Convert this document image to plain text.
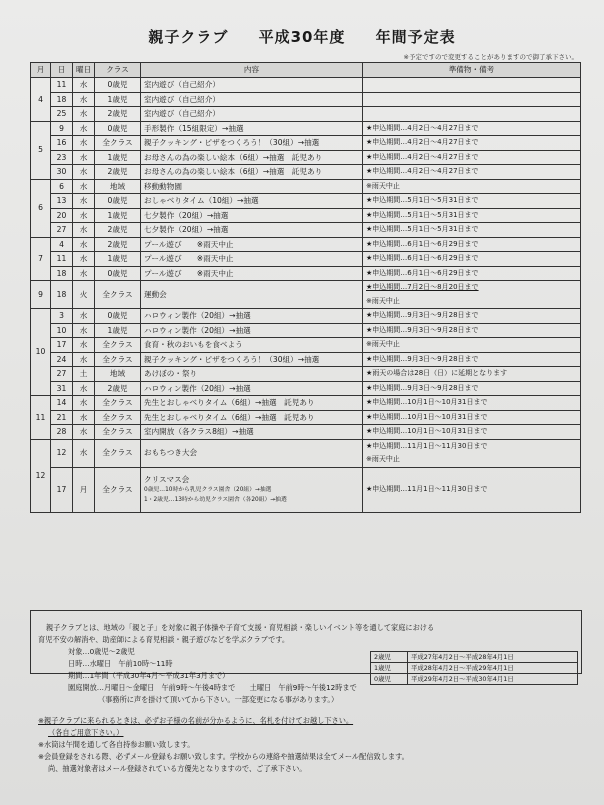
親子クラブ 平成30年度 年間予定表
※予定ですので変更することがありますので御了承下さい。
月	日	曜日	クラス	内容	準備物・備考
4	11	水	0歳児	室内遊び（自己紹介）	
	18	水	1歳児	室内遊び（自己紹介）	
	25	水	2歳児	室内遊び（自己紹介）	
5	9	水	0歳児	手形製作（15組限定）→抽選	★申込期間…4月2日～4月27日まで
	16	水	全クラス	親子クッキング・ピザをつくろう！（30組）→抽選	★申込期間…4月2日～4月27日まで
	23	水	1歳児	お母さんの為の楽しい絵本（6組）→抽選　託児あり	★申込期間…4月2日～4月27日まで
	30	水	2歳児	お母さんの為の楽しい絵本（6組）→抽選　託児あり	★申込期間…4月2日～4月27日まで
6	6	水	地域	移動動物園	※雨天中止
	13	水	0歳児	おしゃべりタイム（10組）→抽選	★申込期間…5月1日～5月31日まで
	20	水	1歳児	七夕製作（20組）→抽選	★申込期間…5月1日～5月31日まで
	27	水	2歳児	七夕製作（20組）→抽選	★申込期間…5月1日～5月31日まで
7	4	水	2歳児	プール遊び　　※雨天中止	★申込期間…6月1日～6月29日まで
	11	水	1歳児	プール遊び　　※雨天中止	★申込期間…6月1日～6月29日まで
	18	水	0歳児	プール遊び　　※雨天中止	★申込期間…6月1日～6月29日まで
9	18	火	全クラス	運動会	★申込期間…7月2日～8月20日まで
※雨天中止

10	3	水	0歳児	ハロウィン製作（20組）→抽選	★申込期間…9月3日～9月28日まで
	10	水	1歳児	ハロウィン製作（20組）→抽選	★申込期間…9月3日～9月28日まで
	17	水	全クラス	食育・秋のおいもを食べよう	※雨天中止
	24	水	全クラス	親子クッキング・ピザをつくろう！（30組）→抽選	★申込期間…9月3日～9月28日まで
	27	土	地域	あけぼの・祭り	★雨天の場合は28日（日）に延期となります
	31	水	2歳児	ハロウィン製作（20組）→抽選	★申込期間…9月3日～9月28日まで
11	14	水	全クラス	先生とおしゃべりタイム（6組）→抽選　託児あり	★申込期間…10月1日～10月31日まで
	21	水	全クラス	先生とおしゃべりタイム（6組）→抽選　託児あり	★申込期間…10月1日～10月31日まで
	28	水	全クラス	室内開放（各クラス8組）→抽選	★申込期間…10月1日～10月31日まで
12	12	水	全クラス	おもちつき大会	★申込期間…11月1日～11月30日まで
※雨天中止

	17	月	全クラス	クリスマス会
0歳児…10時から乳児クラス園舎（20組）→抽選
1・2歳児…13時から幼児クラス園舎（各20組）→抽選	★申込期間…11月1日～11月30日まで

親子クラブとは、地域の「親と子」を対象に親子体操や子育て支援・育児相談・楽しいイベント等を通して家庭における

育児不安の解消や、助産師による育児相談・親子遊びなどを学ぶクラブです。

対象…0歳児～2歳児

日時…水曜日　午前10時～11時

期間…1年間（平成30年4月～平成31年3月まで）

園庭開放…月曜日～金曜日　午前9時～午後4時まで　　土曜日　午前9時～午後12時まで

（事務所に声を掛けて頂いてから下さい。一部変更になる事があります。）

2歳児	平成27年4月2日～平成28年4月1日
1歳児	平成28年4月2日～平成29年4月1日
0歳児	平成29年4月2日～平成30年4月1日

※親子クラブに来られるときは、必ずお子様の名前が分かるように、名札を付けてお越し下さい。

（各自ご用意下さい。）

※水筒は午間を通して各自持参お願い致します。

※会員登録をされる際、必ずメール登録もお願い致します。学校からの連絡や抽選結果は全てメール配信致します。

尚、抽選対象者はメール登録されている方優先となりますので、ご了承下さい。
